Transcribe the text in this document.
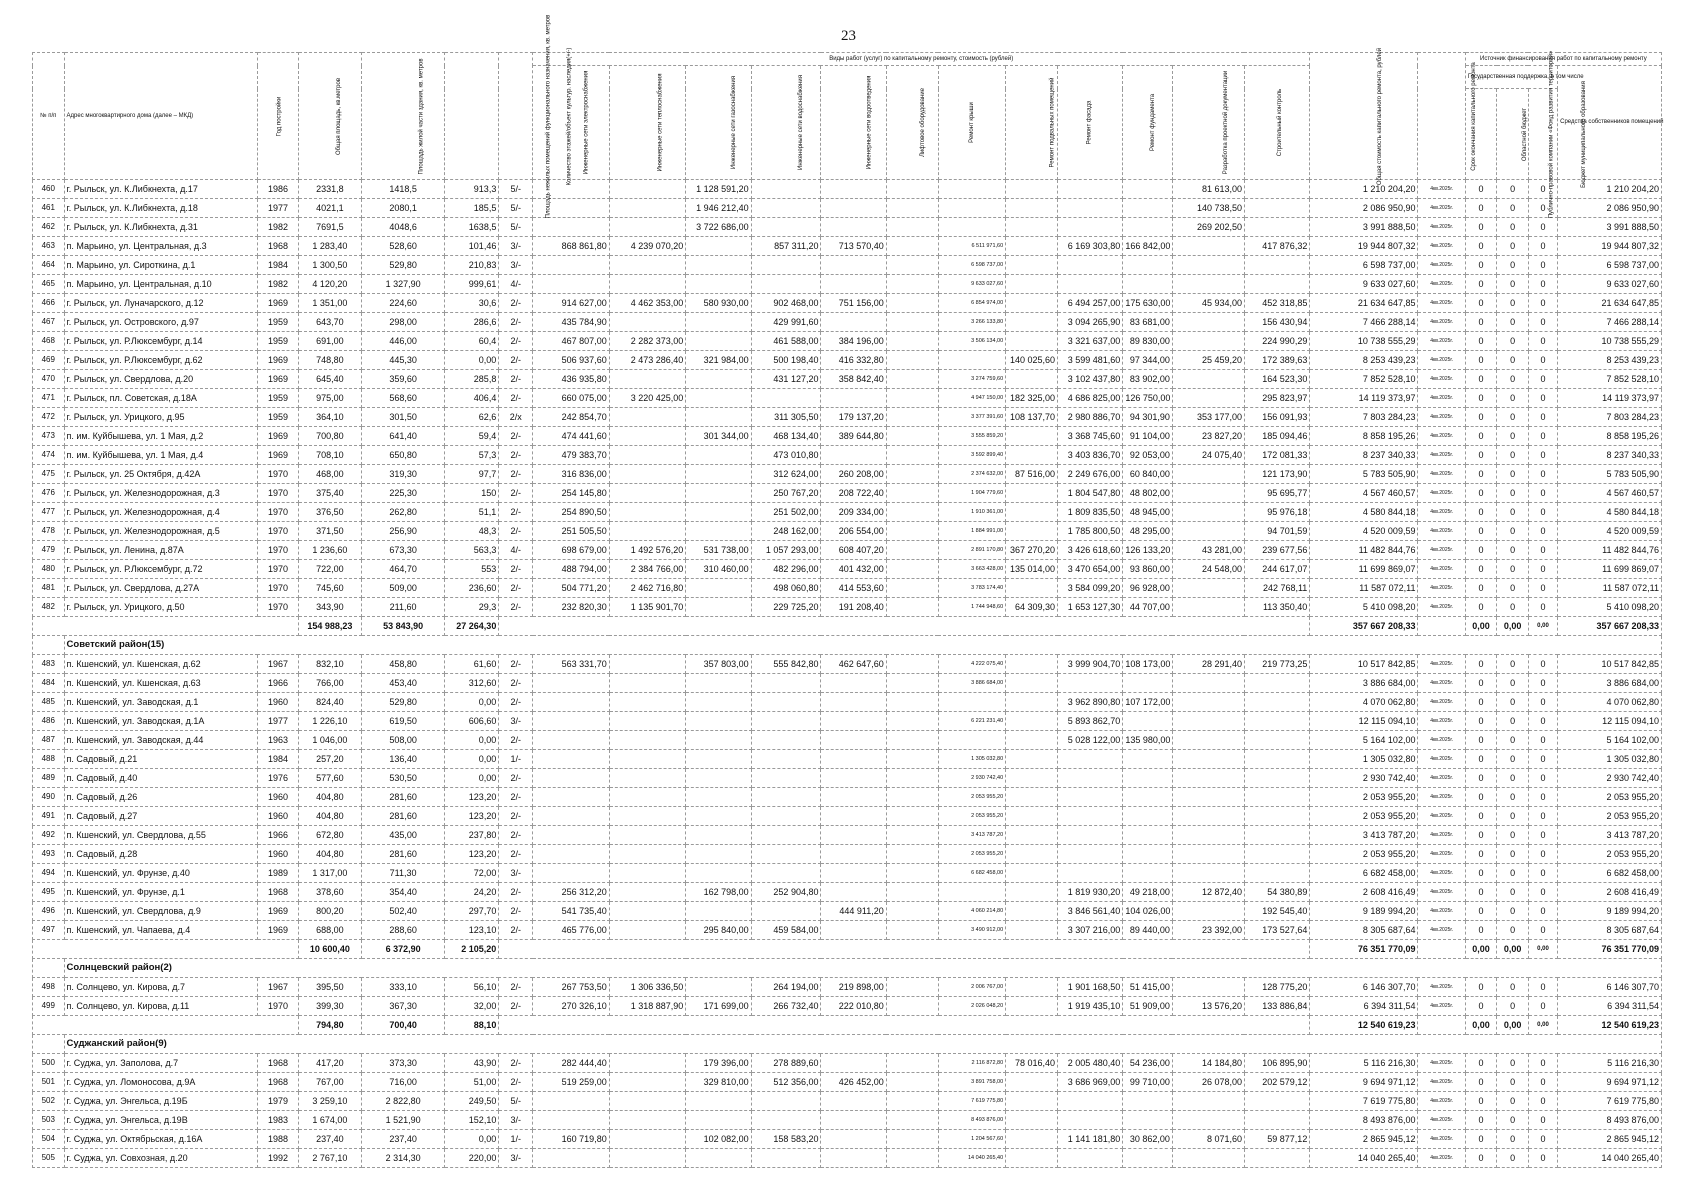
23
№ п/п	Адрес многоквартирного дома (далее – МКД)	Год постройки	Общая площадь, кв.метров	Площадь жилой части здания, кв. метров	Площадь нежилых помещений функционального назначения, кв. метров	Количество этажей/объект культур. наследия(+/-)	Виды работ (услуг) по капитальному ремонту, стоимость (рублей)												Общая стоимость капитального ремонта, рублей	Срок окончания капитального ремонта	Источник финансирования работ по капитальному ремонту			
							Инженерные сети электроснабжения	Инженерные сети теплоснабжения	Инженерные сети газоснабжения	Инженерные сети водоснабжения	Инженерные сети водоотведения	Лифтовое оборудование	Ремонт крыши	Ремонт подвальных помещений	Ремонт фасада	Ремонт фундамента	Разработка проектной документации	Строительный контроль			Государственная поддержка, в том числе			Средства собственников помещений
																					Публично-правовой компании «Фонд развития территорий»	Областной бюджет	Бюджет муниципального образования	
460	г. Рыльск, ул. К.Либкнехта, д.17	1986	2331,8	1418,5	913,3	5/-			1 128 591,20								81 613,00		1 210 204,20	4кв.2025г.	0	0	0	1 210 204,20
461	г. Рыльск, ул. К.Либкнехта, д.18	1977	4021,1	2080,1	185,5	5/-			1 946 212,40								140 738,50		2 086 950,90	4кв.2025г.	0	0	0	2 086 950,90
462	г. Рыльск, ул. К.Либкнехта, д.31	1982	7691,5	4048,6	1638,5	5/-			3 722 686,00								269 202,50		3 991 888,50	4кв.2025г.	0	0	0	3 991 888,50
463	п. Марьино, ул. Центральная, д.3	1968	1 283,40	528,60	101,46	3/-	868 861,80	4 239 070,20		857 311,20	713 570,40		6 511 971,60		6 169 303,80	166 842,00		417 876,32	19 944 807,32	4кв.2025г.	0	0	0	19 944 807,32
464	п. Марьино, ул. Сироткина, д.1	1984	1 300,50	529,80	210,83	3/-							6 598 737,00						6 598 737,00	4кв.2025г.	0	0	0	6 598 737,00
465	п. Марьино, ул. Центральная, д.10	1982	4 120,20	1 327,90	999,61	4/-							9 633 027,60						9 633 027,60	4кв.2025г.	0	0	0	9 633 027,60
466	г. Рыльск, ул. Луначарского, д.12	1969	1 351,00	224,60	30,6	2/-	914 627,00	4 462 353,00	580 930,00	902 468,00	751 156,00		6 854 974,00		6 494 257,00	175 630,00	45 934,00	452 318,85	21 634 647,85	4кв.2025г.	0	0	0	21 634 647,85
467	г. Рыльск, ул. Островского, д.97	1959	643,70	298,00	286,6	2/-	435 784,90			429 991,60			3 266 133,80		3 094 265,90	83 681,00		156 430,94	7 466 288,14	4кв.2025г.	0	0	0	7 466 288,14
468	г. Рыльск, ул. Р.Люксембург, д.14	1959	691,00	446,00	60,4	2/-	467 807,00	2 282 373,00		461 588,00	384 196,00		3 506 134,00		3 321 637,00	89 830,00		224 990,29	10 738 555,29	4кв.2025г.	0	0	0	10 738 555,29
469	г. Рыльск, ул. Р.Люксембург, д.62	1969	748,80	445,30	0,00	2/-	506 937,60	2 473 286,40	321 984,00	500 198,40	416 332,80			140 025,60	3 599 481,60	97 344,00	25 459,20	172 389,63	8 253 439,23	4кв.2025г.	0	0	0	8 253 439,23
470	г. Рыльск, ул. Свердлова, д.20	1969	645,40	359,60	285,8	2/-	436 935,80			431 127,20	358 842,40		3 274 759,60		3 102 437,80	83 902,00		164 523,30	7 852 528,10	4кв.2025г.	0	0	0	7 852 528,10
471	г. Рыльск, пл. Советская, д.18А	1959	975,00	568,60	406,4	2/-	660 075,00	3 220 425,00					4 947 150,00	182 325,00	4 686 825,00	126 750,00		295 823,97	14 119 373,97	4кв.2025г.	0	0	0	14 119 373,97
472	г. Рыльск, ул. Урицкого, д.95	1959	364,10	301,50	62,6	2/x	242 854,70			311 305,50	179 137,20		3 377 391,60	108 137,70	2 980 886,70	94 301,90	353 177,00	156 091,93	7 803 284,23	4кв.2025г.	0	0	0	7 803 284,23
473	п. им. Куйбышева, ул. 1 Мая, д.2	1969	700,80	641,40	59,4	2/-	474 441,60		301 344,00	468 134,40	389 644,80		3 555 859,20		3 368 745,60	91 104,00	23 827,20	185 094,46	8 858 195,26	4кв.2025г.	0	0	0	8 858 195,26
474	п. им. Куйбышева, ул. 1 Мая, д.4	1969	708,10	650,80	57,3	2/-	479 383,70			473 010,80			3 592 899,40		3 403 836,70	92 053,00	24 075,40	172 081,33	8 237 340,33	4кв.2025г.	0	0	0	8 237 340,33
475	г. Рыльск, ул. 25 Октября, д.42А	1970	468,00	319,30	97,7	2/-	316 836,00			312 624,00	260 208,00		2 374 632,00	87 516,00	2 249 676,00	60 840,00		121 173,90	5 783 505,90	4кв.2025г.	0	0	0	5 783 505,90
476	г. Рыльск, ул. Железнодорожная, д.3	1970	375,40	225,30	150	2/-	254 145,80			250 767,20	208 722,40		1 904 779,60		1 804 547,80	48 802,00		95 695,77	4 567 460,57	4кв.2025г.	0	0	0	4 567 460,57
477	г. Рыльск, ул. Железнодорожная, д.4	1970	376,50	262,80	51,1	2/-	254 890,50			251 502,00	209 334,00		1 910 361,00		1 809 835,50	48 945,00		95 976,18	4 580 844,18	4кв.2025г.	0	0	0	4 580 844,18
478	г. Рыльск, ул. Железнодорожная, д.5	1970	371,50	256,90	48,3	2/-	251 505,50			248 162,00	206 554,00		1 884 991,00		1 785 800,50	48 295,00		94 701,59	4 520 009,59	4кв.2025г.	0	0	0	4 520 009,59
479	г. Рыльск, ул. Ленина, д.87А	1970	1 236,60	673,30	563,3	4/-	698 679,00	1 492 576,20	531 738,00	1 057 293,00	608 407,20		2 891 170,80	367 270,20	3 426 618,60	126 133,20	43 281,00	239 677,56	11 482 844,76	4кв.2025г.	0	0	0	11 482 844,76
480	г. Рыльск, ул. Р.Люксембург, д.72	1970	722,00	464,70	553	2/-	488 794,00	2 384 766,00	310 460,00	482 296,00	401 432,00		3 663 428,00	135 014,00	3 470 654,00	93 860,00	24 548,00	244 617,07	11 699 869,07	4кв.2025г.	0	0	0	11 699 869,07
481	г. Рыльск, ул. Свердлова, д.27А	1970	745,60	509,00	236,60	2/-	504 771,20	2 462 716,80		498 060,80	414 553,60		3 783 174,40		3 584 099,20	96 928,00		242 768,11	11 587 072,11	4кв.2025г.	0	0	0	11 587 072,11
482	г. Рыльск, ул. Урицкого, д.50	1970	343,90	211,60	29,3	2/-	232 820,30	1 135 901,70		229 725,20	191 208,40		1 744 948,60	64 309,30	1 653 127,30	44 707,00		113 350,40	5 410 098,20	4кв.2025г.	0	0	0	5 410 098,20
			154 988,23	53 843,90	27 264,30														357 667 208,33		0,00	0,00	0,00	357 667 208,33
	Советский район(15)																							
483	п. Кшенский, ул. Кшенская, д.62	1967	832,10	458,80	61,60	2/-	563 331,70		357 803,00	555 842,80	462 647,60		4 222 075,40		3 999 904,70	108 173,00	28 291,40	219 773,25	10 517 842,85	4кв.2025г.	0	0	0	10 517 842,85
484	п. Кшенский, ул. Кшенская, д.63	1966	766,00	453,40	312,60	2/-							3 886 684,00						3 886 684,00	4кв.2025г.	0	0	0	3 886 684,00
485	п. Кшенский, ул. Заводская, д.1	1960	824,40	529,80	0,00	2/-									3 962 890,80	107 172,00			4 070 062,80	4кв.2025г.	0	0	0	4 070 062,80
486	п. Кшенский, ул. Заводская, д.1А	1977	1 226,10	619,50	606,60	3/-							6 221 231,40		5 893 862,70				12 115 094,10	4кв.2025г.	0	0	0	12 115 094,10
487	п. Кшенский, ул. Заводская, д.44	1963	1 046,00	508,00	0,00	2/-									5 028 122,00	135 980,00			5 164 102,00	4кв.2025г.	0	0	0	5 164 102,00
488	п. Садовый, д.21	1984	257,20	136,40	0,00	1/-							1 305 032,80						1 305 032,80	4кв.2025г.	0	0	0	1 305 032,80
489	п. Садовый, д.40	1976	577,60	530,50	0,00	2/-							2 930 742,40						2 930 742,40	4кв.2025г.	0	0	0	2 930 742,40
490	п. Садовый, д.26	1960	404,80	281,60	123,20	2/-							2 053 955,20						2 053 955,20	4кв.2025г.	0	0	0	2 053 955,20
491	п. Садовый, д.27	1960	404,80	281,60	123,20	2/-							2 053 955,20						2 053 955,20	4кв.2025г.	0	0	0	2 053 955,20
492	п. Кшенский, ул. Свердлова, д.55	1966	672,80	435,00	237,80	2/-							3 413 787,20						3 413 787,20	4кв.2025г.	0	0	0	3 413 787,20
493	п. Садовый, д.28	1960	404,80	281,60	123,20	2/-							2 053 955,20						2 053 955,20	4кв.2025г.	0	0	0	2 053 955,20
494	п. Кшенский, ул. Фрунзе, д.40	1989	1 317,00	711,30	72,00	3/-							6 682 458,00						6 682 458,00	4кв.2025г.	0	0	0	6 682 458,00
495	п. Кшенский, ул. Фрунзе, д.1	1968	378,60	354,40	24,20	2/-	256 312,20		162 798,00	252 904,80					1 819 930,20	49 218,00	12 872,40	54 380,89	2 608 416,49	4кв.2025г.	0	0	0	2 608 416,49
496	п. Кшенский, ул. Свердлова, д.9	1969	800,20	502,40	297,70	2/-	541 735,40				444 911,20		4 060 214,80		3 846 561,40	104 026,00		192 545,40	9 189 994,20	4кв.2025г.	0	0	0	9 189 994,20
497	п. Кшенский, ул. Чапаева, д.4	1969	688,00	288,60	123,10	2/-	465 776,00		295 840,00	459 584,00			3 490 912,00		3 307 216,00	89 440,00	23 392,00	173 527,64	8 305 687,64	4кв.2025г.	0	0	0	8 305 687,64
			10 600,40	6 372,90	2 105,20														76 351 770,09		0,00	0,00	0,00	76 351 770,09
	Солнцевский район(2)																							
498	п. Солнцево, ул. Кирова, д.7	1967	395,50	333,10	56,10	2/-	267 753,50	1 306 336,50		264 194,00	219 898,00		2 006 767,00		1 901 168,50	51 415,00		128 775,20	6 146 307,70	4кв.2025г.	0	0	0	6 146 307,70
499	п. Солнцево, ул. Кирова, д.11	1970	399,30	367,30	32,00	2/-	270 326,10	1 318 887,90	171 699,00	266 732,40	222 010,80		2 026 048,20		1 919 435,10	51 909,00	13 576,20	133 886,84	6 394 311,54	4кв.2025г.	0	0	0	6 394 311,54
			794,80	700,40	88,10														12 540 619,23		0,00	0,00	0,00	12 540 619,23
	Суджанский район(9)																							
500	г. Суджа, ул. Заполова, д.7	1968	417,20	373,30	43,90	2/-	282 444,40		179 396,00	278 889,60			2 116 872,80	78 016,40	2 005 480,40	54 236,00	14 184,80	106 895,90	5 116 216,30	4кв.2025г.	0	0	0	5 116 216,30
501	г. Суджа, ул. Ломоносова, д.9А	1968	767,00	716,00	51,00	2/-	519 259,00		329 810,00	512 356,00	426 452,00		3 891 758,00		3 686 969,00	99 710,00	26 078,00	202 579,12	9 694 971,12	4кв.2025г.	0	0	0	9 694 971,12
502	г. Суджа, ул. Энгельса, д.19Б	1979	3 259,10	2 822,80	249,50	5/-							7 619 775,80						7 619 775,80	4кв.2025г.	0	0	0	7 619 775,80
503	г. Суджа, ул. Энгельса, д.19В	1983	1 674,00	1 521,90	152,10	3/-							8 493 876,00						8 493 876,00	4кв.2025г.	0	0	0	8 493 876,00
504	г. Суджа, ул. Октябрьская, д.16А	1988	237,40	237,40	0,00	1/-	160 719,80		102 082,00	158 583,20			1 204 567,60		1 141 181,80	30 862,00	8 071,60	59 877,12	2 865 945,12	4кв.2025г.	0	0	0	2 865 945,12
505	г. Суджа, ул. Совхозная, д.20	1992	2 767,10	2 314,30	220,00	3/-							14 040 265,40						14 040 265,40	4кв.2025г.	0	0	0	14 040 265,40
